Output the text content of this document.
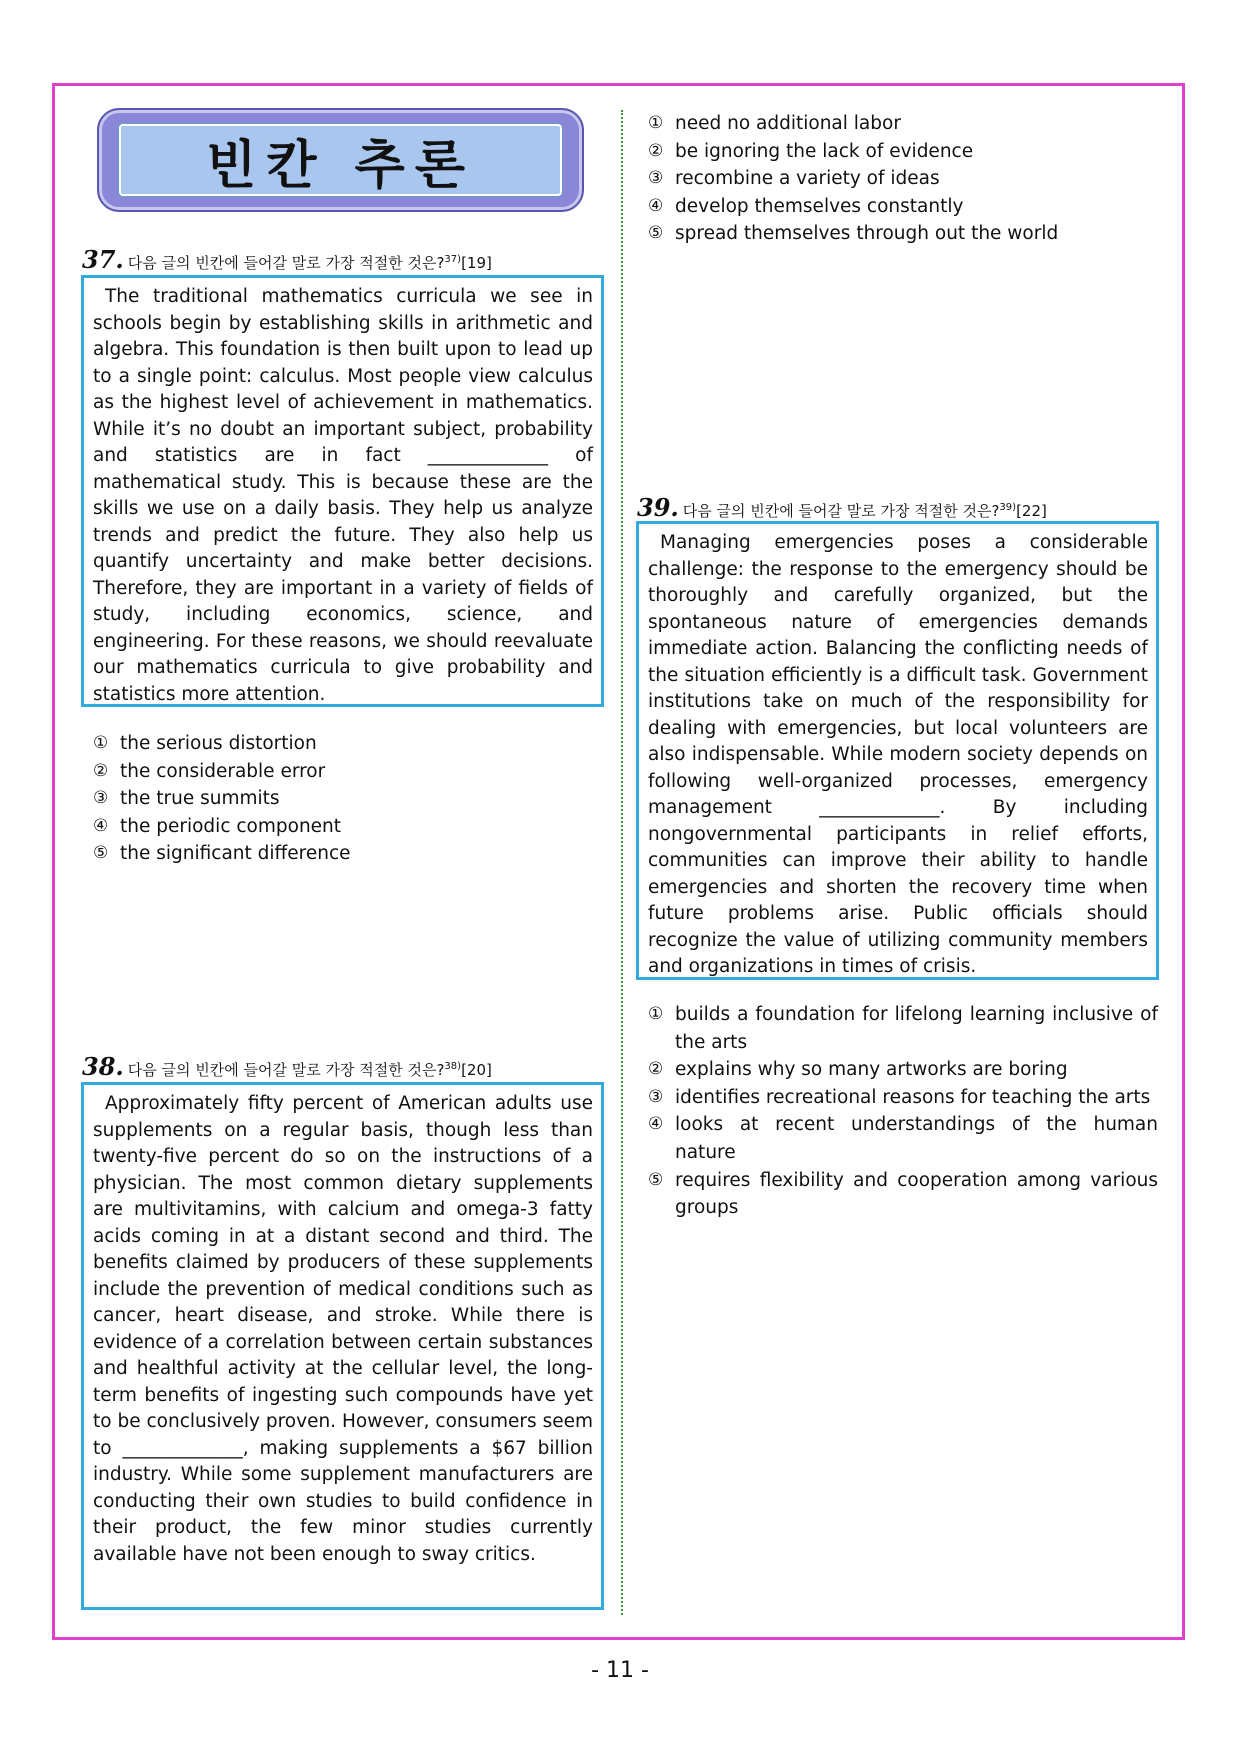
빈칸 추론
37. 다음 글의 빈칸에 들어갈 말로 가장 적절한 것은?$^{37)}$[19]

The traditional mathematics curricula we see in schools begin by establishing skills in arithmetic and algebra. This foundation is then built upon to lead up to a single point: calculus. Most people view calculus as the highest level of achievement in mathematics. While it’s no doubt an important subject, probability and statistics are in fact _____________ of mathematical study. This is because these are the skills we use on a daily basis. They help us analyze trends and predict the future. They also help us quantify uncertainty and make better decisions. Therefore, they are important in a variety of fields of study, including economics, science, and engineering. For these reasons, we should reevaluate our mathematics curricula to give probability and statistics more attention.

① the serious distortion
② the considerable error
③ the true summits
④ the periodic component
⑤ the significant difference
38. 다음 글의 빈칸에 들어갈 말로 가장 적절한 것은?$^{38)}$[20]

Approximately fifty percent of American adults use supplements on a regular basis, though less than twenty-five percent do so on the instructions of a physician. The most common dietary supplements are multivitamins, with calcium and omega-3 fatty acids coming in at a distant second and third. The benefits claimed by producers of these supplements include the prevention of medical conditions such as cancer, heart disease, and stroke. While there is evidence of a correlation between certain substances and healthful activity at the cellular level, the long-term benefits of ingesting such compounds have yet to be conclusively proven. However, consumers seem to _____________, making supplements a $67 billion industry. While some supplement manufacturers are conducting their own studies to build confidence in their product, the few minor studies currently available have not been enough to sway critics.

① need no additional labor
② be ignoring the lack of evidence
③ recombine a variety of ideas
④ develop themselves constantly
⑤ spread themselves through out the world
39. 다음 글의 빈칸에 들어갈 말로 가장 적절한 것은?$^{39)}$[22]

Managing emergencies poses a considerable challenge: the response to the emergency should be thoroughly and carefully organized, but the spontaneous nature of emergencies demands immediate action. Balancing the conflicting needs of the situation efficiently is a difficult task. Government institutions take on much of the responsibility for dealing with emergencies, but local volunteers are also indispensable. While modern society depends on following well-organized processes, emergency management _____________. By including nongovernmental participants in relief efforts, communities can improve their ability to handle emergencies and shorten the recovery time when future problems arise. Public officials should recognize the value of utilizing community members and organizations in times of crisis.

① builds a foundation for lifelong learning inclusive of the arts
② explains why so many artworks are boring
③ identifies recreational reasons for teaching the arts
④ looks at recent understandings of the human nature
⑤ requires flexibility and cooperation among various groups
- 11 -
